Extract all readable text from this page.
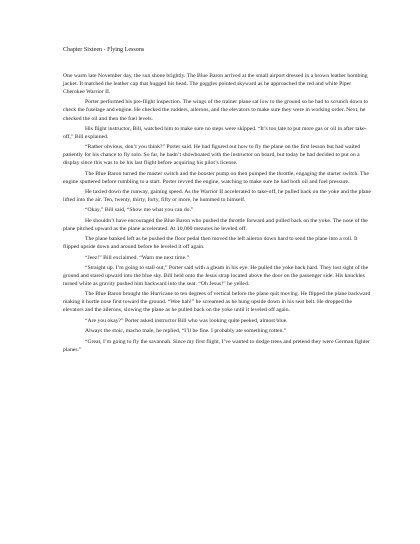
Chapter Sixteen - Flying Lessons

One warm late November day, the sun shone brightly. The Blue Baron arrived at the small airport dressed in a brown leather bombing jacket. It matched the leather cap that hugged his head. The goggles pointed skyward as he approached the red and white Piper Cherokee Warrior II.

Porter performed his pre-flight inspection. The wings of the trainer plane sat low to the ground so he had to scrunch down to check the fuselage and engine. He checked the rudders, ailerons, and the elevators to make sure they were in working order. Next, he checked the oil and then the fuel levels.

His flight instructor, Bill, watched him to make sure no steps were skipped. “It’s too late to put more gas or oil in after take-off,” Bill explained.

“Rather obvious, don’t you think?” Porter said. He had figured out how to fly the plane on the first lesson but had waited patiently for his chance to fly solo. So far, he hadn’t showboated with the instructor on board, but today he had decided to put on a display since this was to be his last flight before acquiring his pilot’s license.

The Blue Baron turned the master switch and the booster pump on then pumped the throttle, engaging the starter switch. The engine sputtered before rumbling to a start. Porter revved the engine, watching to make sure he had both oil and fuel pressure.

He taxied down the runway, gaining speed. As the Warrior II accelerated to take-off, he pulled back on the yoke and the plane lifted into the air. Ten, twenty, thirty, forty, fifty or more, he hummed to himself.

“Okay,” Bill said, “Show me what you can do.”

He shouldn’t have encouraged the Blue Baron who pushed the throttle forward and pulled back on the yoke. The nose of the plane pitched upward as the plane accelerated. At 10,000 mezures he leveled off.

The plane banked left as he pushed the floor pedal then moved the left aileron down hard to send the plane into a roll. It flipped upside down and around before he leveled it off again.

“Jeez!” Bill exclaimed. “Warn me next time.”

“Straight up. I’m going to stall out,” Porter said with a gleam in his eye. He pulled the yoke back hard. They lost sight of the ground and stared upward into the blue sky. Bill held onto the Jesus strap located above the door on the passenger side. His knuckles turned white as gravity pushed him backward into the seat. “Oh Jesus!” he yelled.

The Blue Baron brought the Hurricane to ten degrees of vertical before the plane quit moving. He flipped the plane backward making it hurtle nose first toward the ground. “Wee hah!” he screamed as he hung upside down in his seat belt. He dropped the elevators and the ailerons, slowing the plane as he pulled back on the yoke until it leveled off again.

“Are you okay?” Porter asked instructor Bill who was looking quite peeked, almost blue.

Always the stoic, macho male, he replied, “I’ll be fine. I probably ate something rotten.”

“Great, I’m going to fly the savannah. Since my first flight, I’ve wanted to dodge trees and pretend they were German fighter planes.”
